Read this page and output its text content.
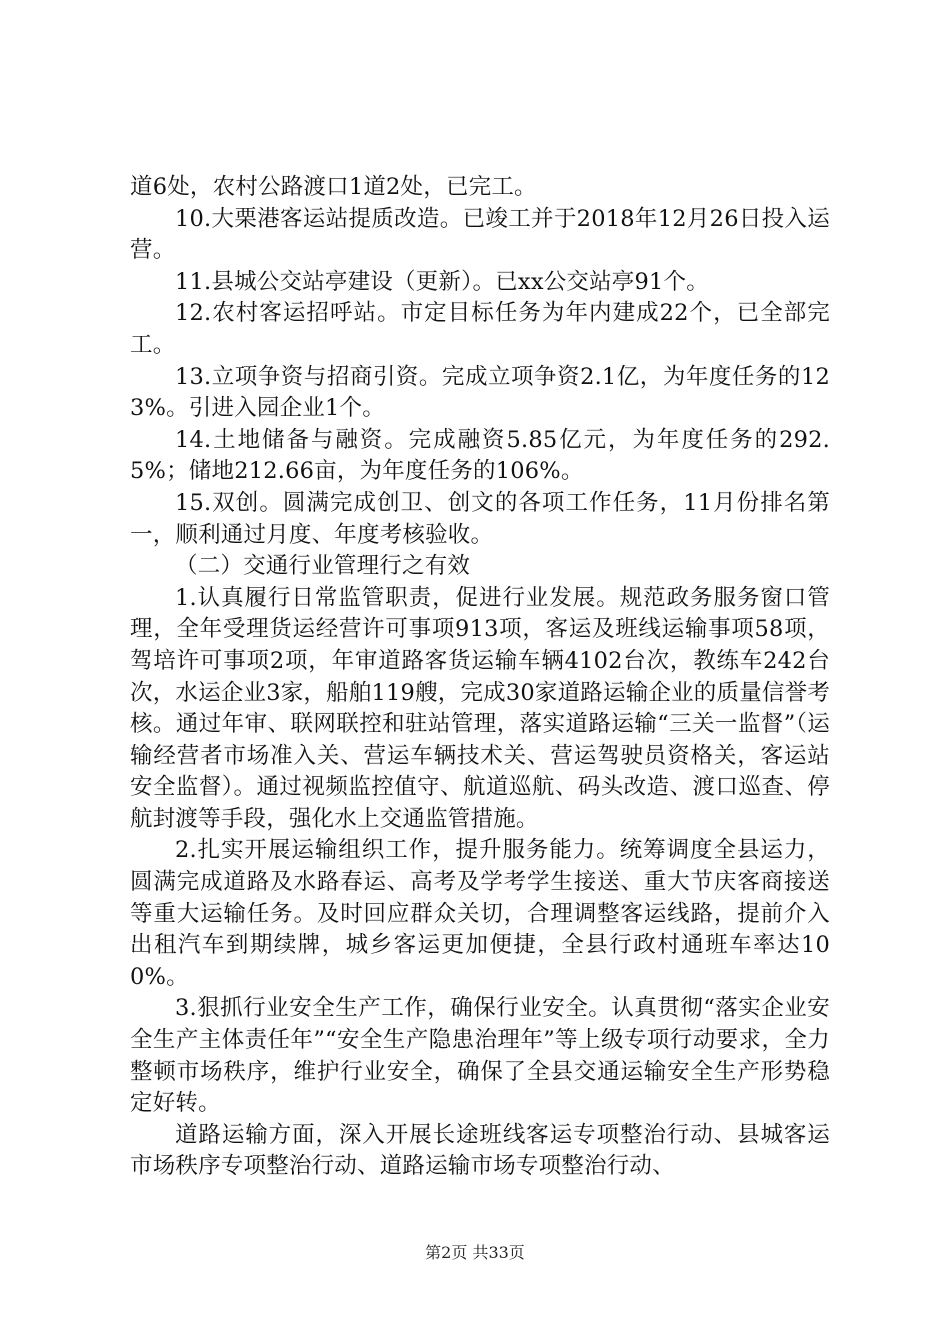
道6处，农村公路渡口1道2处，已完工。

10.大栗港客运站提质改造。已竣工并于2018年12月26日投入运营。

11.县城公交站亭建设（更新）。已xx公交站亭91个。

12.农村客运招呼站。市定目标任务为年内建成22个，已全部完工。

13.立项争资与招商引资。完成立项争资2.1亿，为年度任务的123%。引进入园企业1个。

14.土地储备与融资。完成融资5.85亿元，为年度任务的292.5%；储地212.66亩，为年度任务的106%。

15.双创。圆满完成创卫、创文的各项工作任务，11月份排名第一，顺利通过月度、年度考核验收。

（二）交通行业管理行之有效

1.认真履行日常监管职责，促进行业发展。规范政务服务窗口管理，全年受理货运经营许可事项913项，客运及班线运输事项58项，驾培许可事项2项，年审道路客货运输车辆4102台次，教练车242台次，水运企业3家，船舶119艘，完成30家道路运输企业的质量信誉考核。通过年审、联网联控和驻站管理，落实道路运输“三关一监督”（运输经营者市场准入关、营运车辆技术关、营运驾驶员资格关，客运站安全监督）。通过视频监控值守、航道巡航、码头改造、渡口巡查、停航封渡等手段，强化水上交通监管措施。

2.扎实开展运输组织工作，提升服务能力。统筹调度全县运力，圆满完成道路及水路春运、高考及学考学生接送、重大节庆客商接送等重大运输任务。及时回应群众关切，合理调整客运线路，提前介入出租汽车到期续牌，城乡客运更加便捷，全县行政村通班车率达100%。

3.狠抓行业安全生产工作，确保行业安全。认真贯彻“落实企业安全生产主体责任年”“安全生产隐患治理年”等上级专项行动要求，全力整顿市场秩序，维护行业安全，确保了全县交通运输安全生产形势稳定好转。

道路运输方面，深入开展长途班线客运专项整治行动、县城客运市场秩序专项整治行动、道路运输市场专项整治行动、

第2页 共33页
